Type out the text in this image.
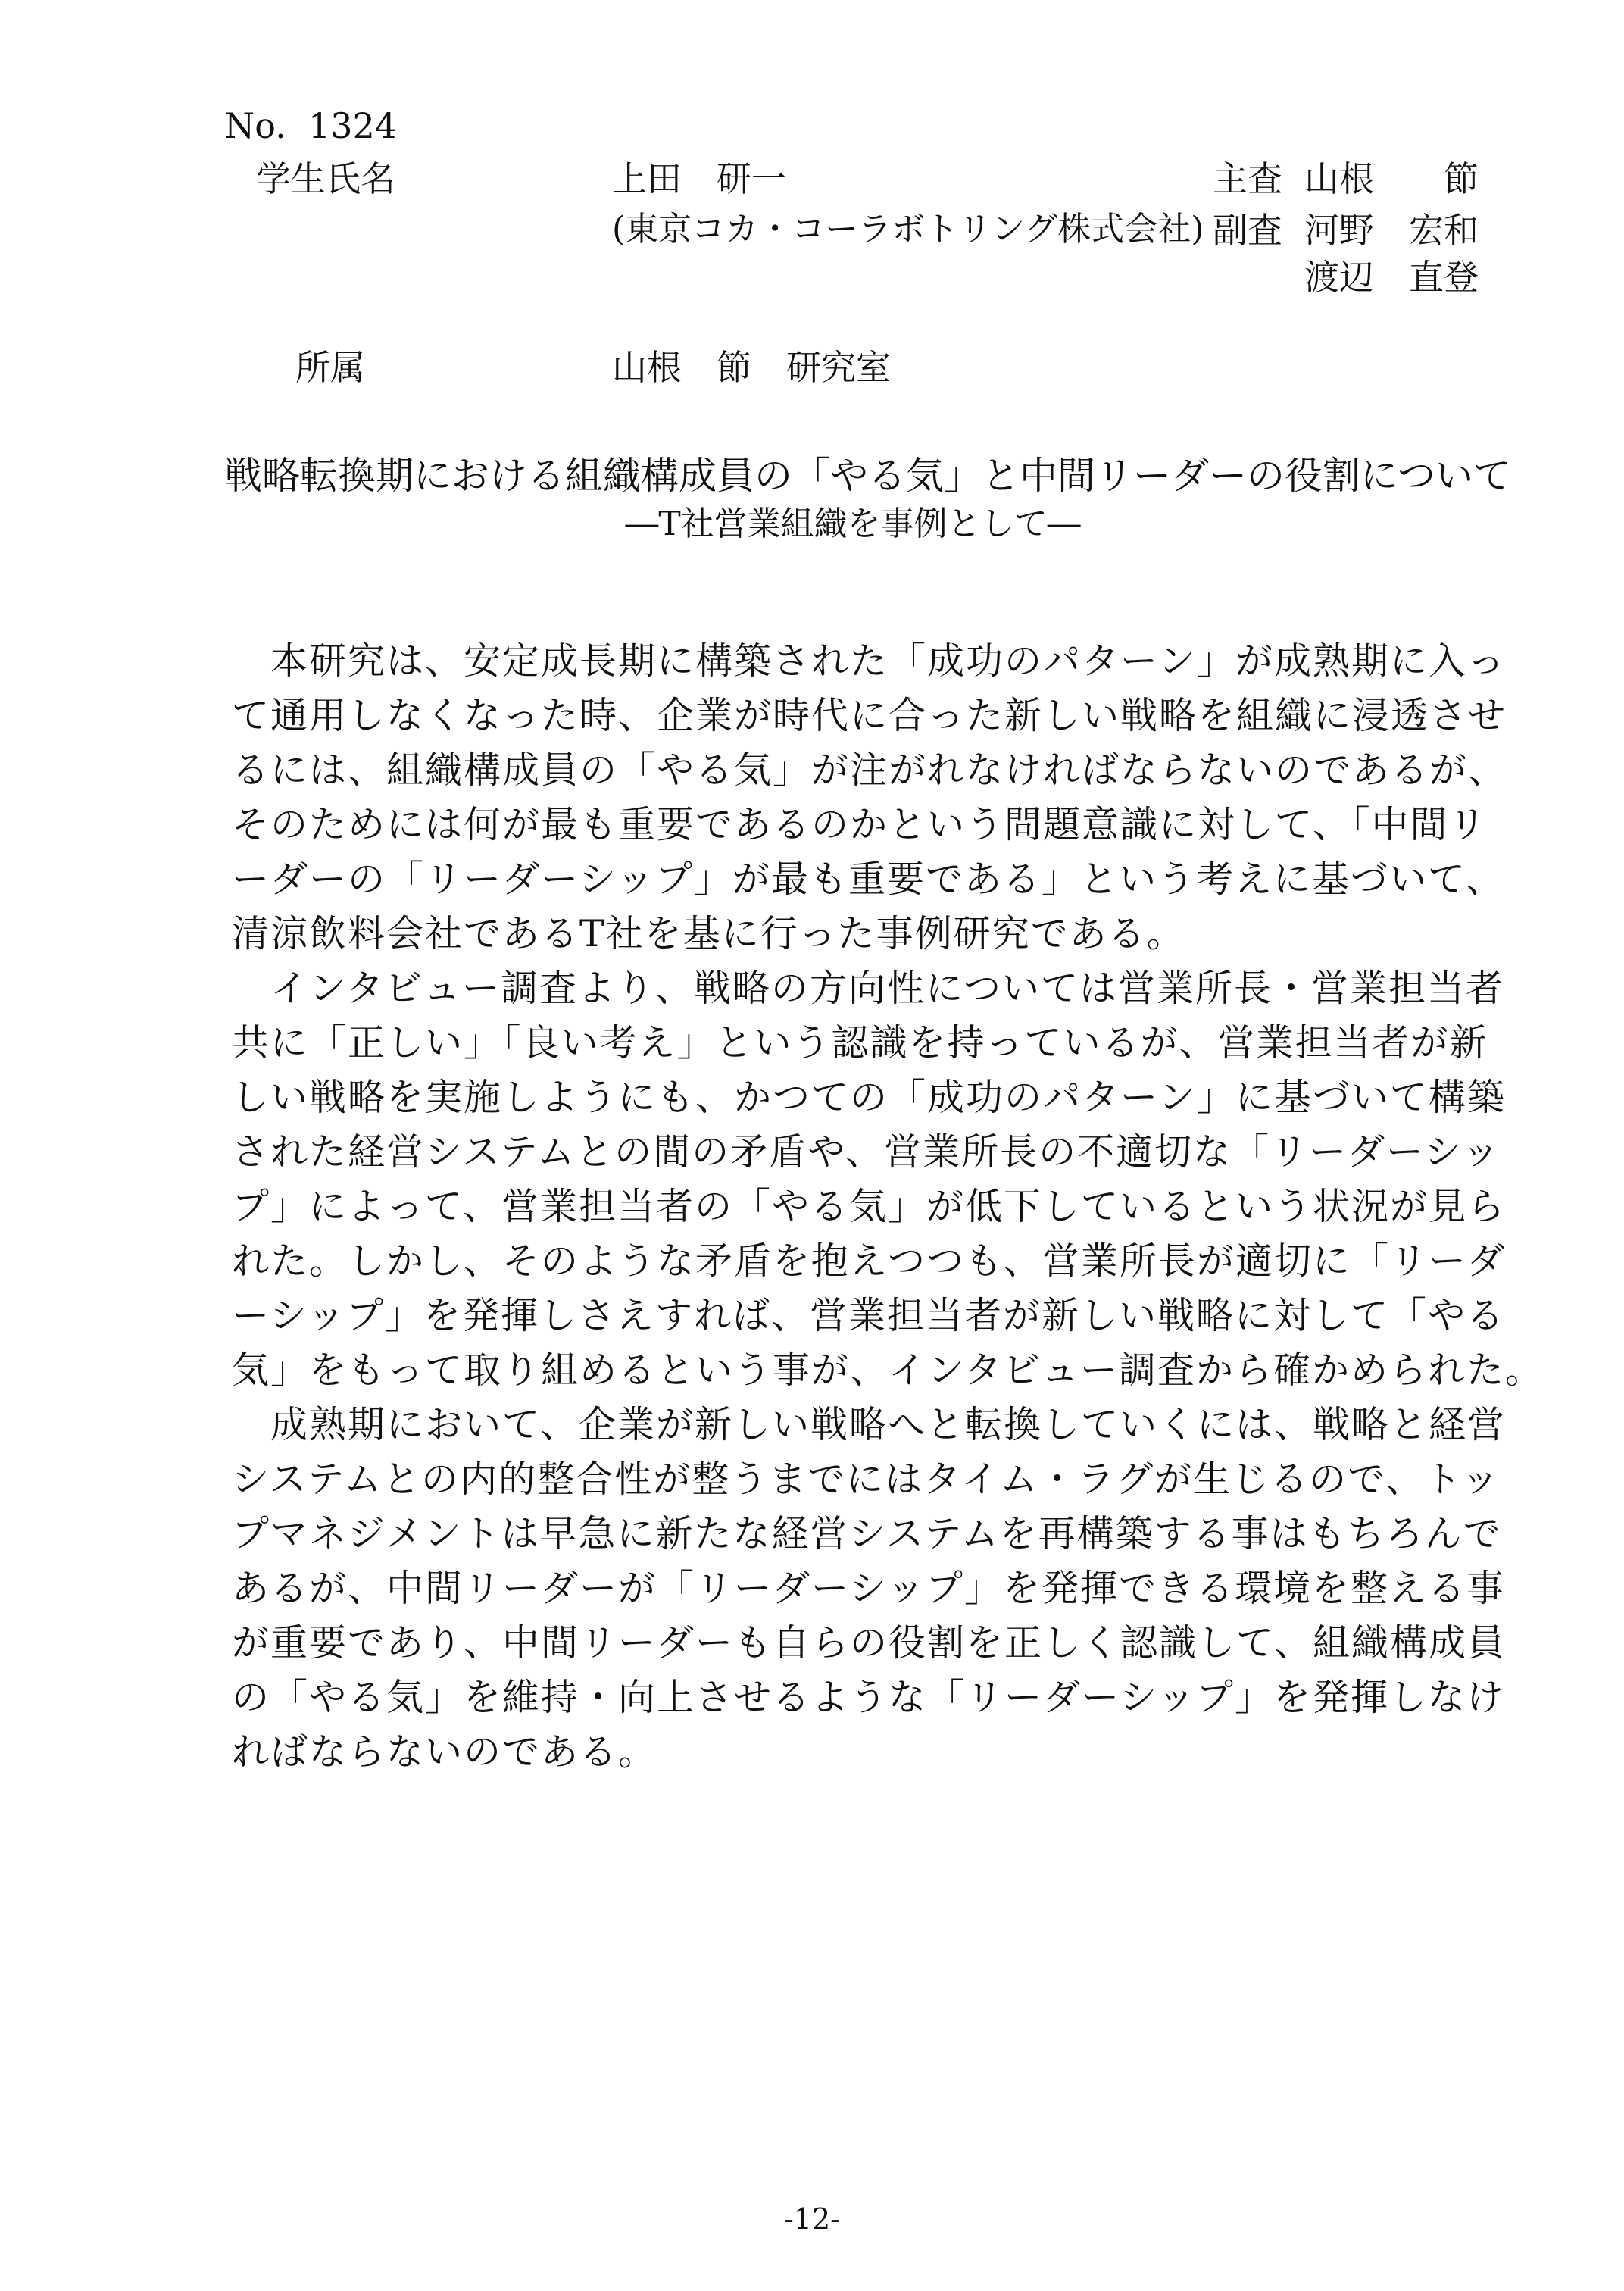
No.  1324
学生氏名	上田　研一
(東京コカ・コーラボトリング株式会社)
主査 山根　　節
副査 河野　宏和
渡辺　直登
所属	山根　節　研究室
戦略転換期における組織構成員の「やる気」と中間リーダーの役割について
―T社営業組織を事例として―
　本研究は、安定成長期に構築された「成功のパターン」が成熟期に入っ
て通用しなくなった時、企業が時代に合った新しい戦略を組織に浸透させ
るには、組織構成員の「やる気」が注がれなければならないのであるが、
そのためには何が最も重要であるのかという問題意識に対して、「中間リ
ーダーの「リーダーシップ」が最も重要である」という考えに基づいて、
清涼飲料会社であるT社を基に行った事例研究である。
　インタビュー調査より、戦略の方向性については営業所長・営業担当者
共に「正しい」「良い考え」という認識を持っているが、営業担当者が新
しい戦略を実施しようにも、かつての「成功のパターン」に基づいて構築
された経営システムとの間の矛盾や、営業所長の不適切な「リーダーシッ
プ」によって、営業担当者の「やる気」が低下しているという状況が見ら
れた。しかし、そのような矛盾を抱えつつも、営業所長が適切に「リーダ
ーシップ」を発揮しさえすれば、営業担当者が新しい戦略に対して「やる
気」をもって取り組めるという事が、インタビュー調査から確かめられた。
　成熟期において、企業が新しい戦略へと転換していくには、戦略と経営
システムとの内的整合性が整うまでにはタイム・ラグが生じるので、トッ
プマネジメントは早急に新たな経営システムを再構築する事はもちろんで
あるが、中間リーダーが「リーダーシップ」を発揮できる環境を整える事
が重要であり、中間リーダーも自らの役割を正しく認識して、組織構成員
の「やる気」を維持・向上させるような「リーダーシップ」を発揮しなけ
ればならないのである。
-12-
